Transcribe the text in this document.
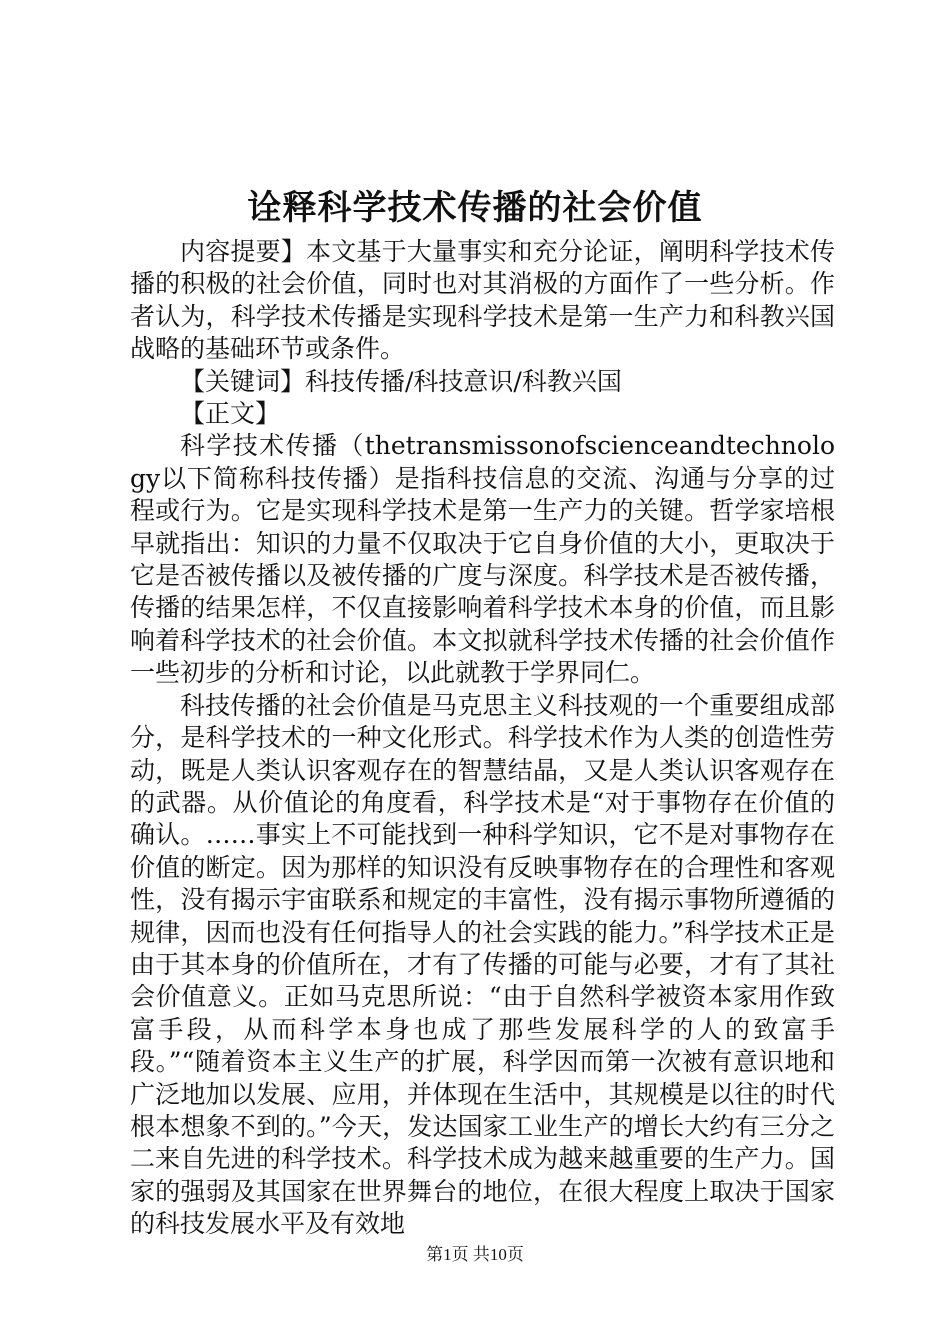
诠释科学技术传播的社会价值

内容提要】本文基于大量事实和充分论证，阐明科学技术传播的积极的社会价值，同时也对其消极的方面作了一些分析。作者认为，科学技术传播是实现科学技术是第一生产力和科教兴国战略的基础环节或条件。

【关键词】科技传播/科技意识/科教兴国

【正文】

科学技术传播（thetransmissonofscienceandtechnology以下简称科技传播）是指科技信息的交流、沟通与分享的过程或行为。它是实现科学技术是第一生产力的关键。哲学家培根早就指出：知识的力量不仅取决于它自身价值的大小，更取决于它是否被传播以及被传播的广度与深度。科学技术是否被传播，传播的结果怎样，不仅直接影响着科学技术本身的价值，而且影响着科学技术的社会价值。本文拟就科学技术传播的社会价值作一些初步的分析和讨论，以此就教于学界同仁。

科技传播的社会价值是马克思主义科技观的一个重要组成部分，是科学技术的一种文化形式。科学技术作为人类的创造性劳动，既是人类认识客观存在的智慧结晶，又是人类认识客观存在的武器。从价值论的角度看，科学技术是“对于事物存在价值的确认。……事实上不可能找到一种科学知识，它不是对事物存在价值的断定。因为那样的知识没有反映事物存在的合理性和客观性，没有揭示宇宙联系和规定的丰富性，没有揭示事物所遵循的规律，因而也没有任何指导人的社会实践的能力。”科学技术正是由于其本身的价值所在，才有了传播的可能与必要，才有了其社会价值意义。正如马克思所说：“由于自然科学被资本家用作致富手段，从而科学本身也成了那些发展科学的人的致富手段。”“随着资本主义生产的扩展，科学因而第一次被有意识地和广泛地加以发展、应用，并体现在生活中，其规模是以往的时代根本想象不到的。”今天，发达国家工业生产的增长大约有三分之二来自先进的科学技术。科学技术成为越来越重要的生产力。国家的强弱及其国家在世界舞台的地位，在很大程度上取决于国家的科技发展水平及有效地

第1页 共10页
